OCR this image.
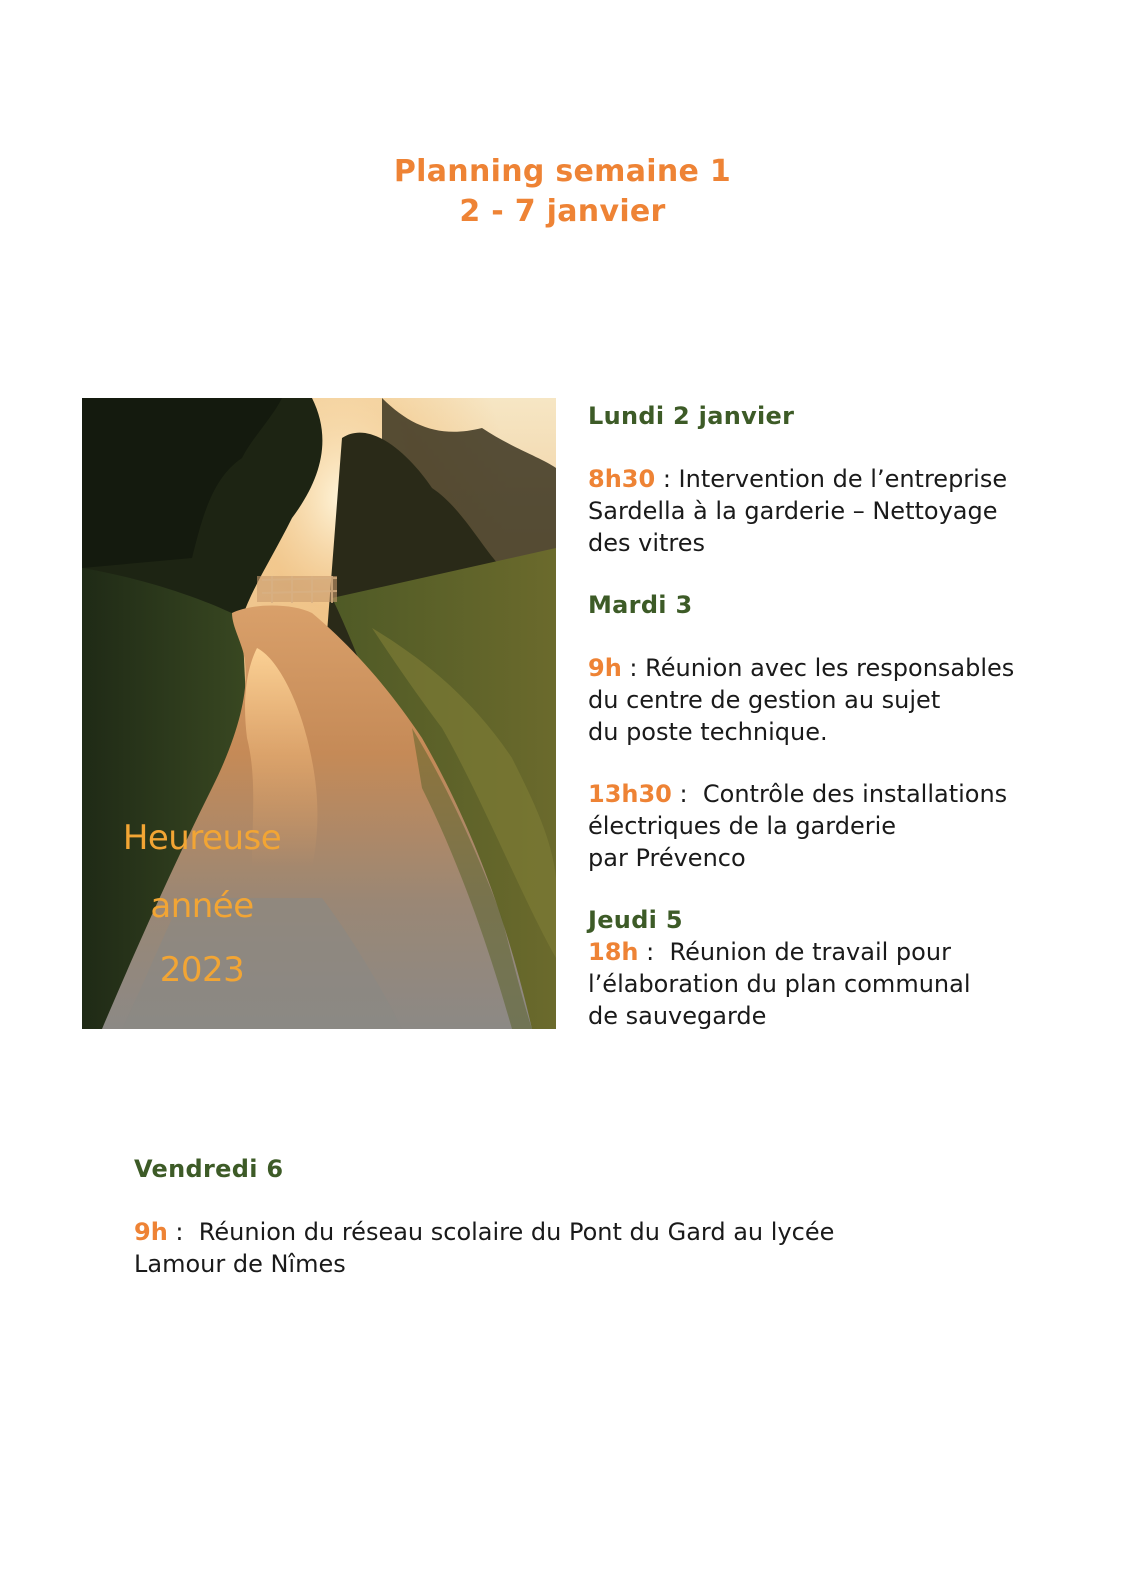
Planning semaine 1
2 - 7 janvier
Heureuse
année
2023
Lundi 2 janvier
8h30 : Intervention de l’entreprise
Sardella à la garderie – Nettoyage
des vitres
Mardi 3
9h : Réunion avec les responsables
du centre de gestion au sujet
du poste technique.
13h30 :  Contrôle des installations
électriques de la garderie
par Prévenco
Jeudi 5
18h :  Réunion de travail pour
l’élaboration du plan communal
de sauvegarde
Vendredi 6
9h :  Réunion du réseau scolaire du Pont du Gard au lycée
Lamour de Nîmes
